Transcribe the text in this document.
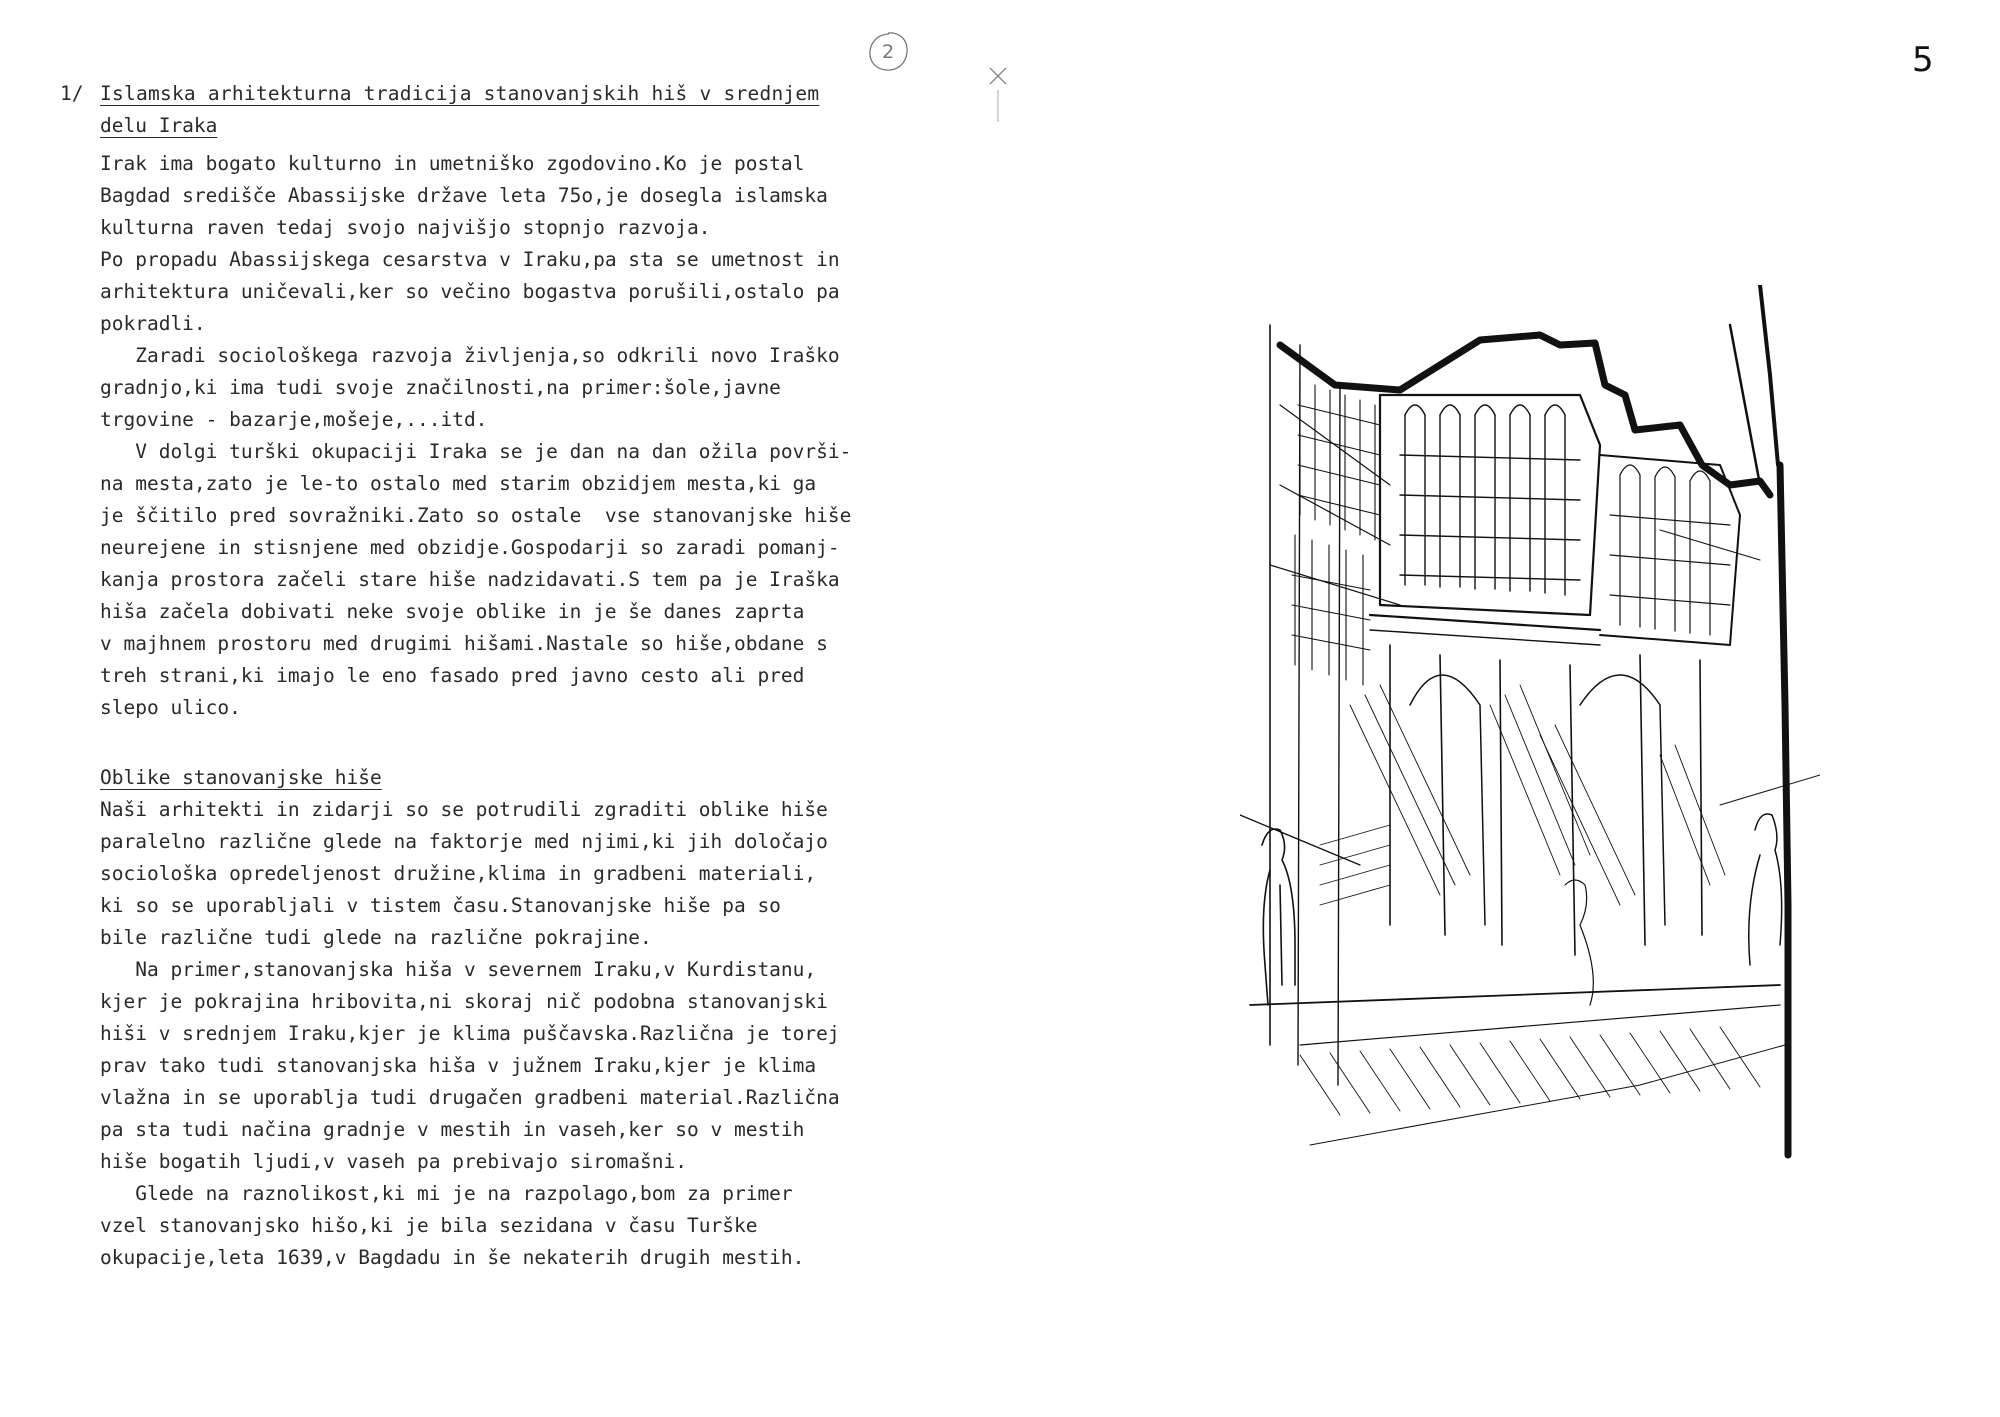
2	5
1/ Islamska arhitekturna tradicija stanovanjskih hiš v srednjem
delu Iraka
Irak ima bogato kulturno in umetniško zgodovino.Ko je postal
Bagdad središče Abassijske države leta 75o,je dosegla islamska
kulturna raven tedaj svojo najvišjo stopnjo razvoja.
Po propadu Abassijskega cesarstva v Iraku,pa sta se umetnost in
arhitektura uničevali,ker so večino bogastva porušili,ostalo pa
pokradli.
Zaradi sociološkega razvoja življenja,so odkrili novo Iraško
gradnjo,ki ima tudi svoje značilnosti,na primer:šole,javne
trgovine - bazarje,mošeje,...itd.
V dolgi turški okupaciji Iraka se je dan na dan ožila površi-
na mesta,zato je le-to ostalo med starim obzidjem mesta,ki ga
je ščitilo pred sovražniki.Zato so ostale  vse stanovanjske hiše
neurejene in stisnjene med obzidje.Gospodarji so zaradi pomanj-
kanja prostora začeli stare hiše nadzidavati.S tem pa je Iraška
hiša začela dobivati neke svoje oblike in je še danes zaprta
v majhnem prostoru med drugimi hišami.Nastale so hiše,obdane s
treh strani,ki imajo le eno fasado pred javno cesto ali pred
slepo ulico.
Oblike stanovanjske hiše
Naši arhitekti in zidarji so se potrudili zgraditi oblike hiše
paralelno različne glede na faktorje med njimi,ki jih določajo
sociološka opredeljenost družine,klima in gradbeni materiali,
ki so se uporabljali v tistem času.Stanovanjske hiše pa so
bile različne tudi glede na različne pokrajine.
Na primer,stanovanjska hiša v severnem Iraku,v Kurdistanu,
kjer je pokrajina hribovita,ni skoraj nič podobna stanovanjski
hiši v srednjem Iraku,kjer je klima puščavska.Različna je torej
prav tako tudi stanovanjska hiša v južnem Iraku,kjer je klima
vlažna in se uporablja tudi drugačen gradbeni material.Različna
pa sta tudi načina gradnje v mestih in vaseh,ker so v mestih
hiše bogatih ljudi,v vaseh pa prebivajo siromašni.
Glede na raznolikost,ki mi je na razpolago,bom za primer
vzel stanovanjsko hišo,ki je bila sezidana v času Turške
okupacije,leta 1639,v Bagdadu in še nekaterih drugih mestih.
